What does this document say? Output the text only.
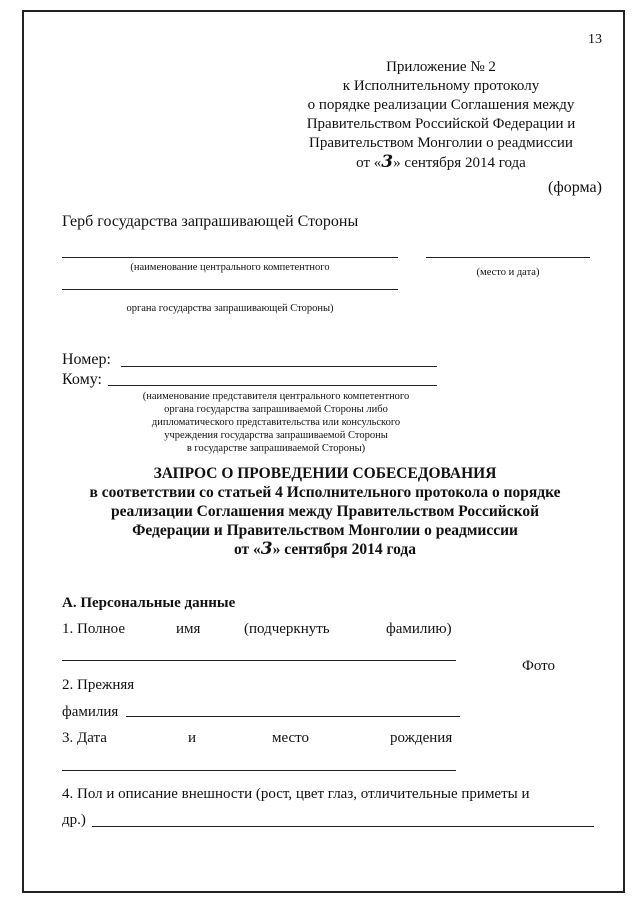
13
Приложение № 2
к Исполнительному протоколу
о порядке реализации Соглашения между
Правительством Российской Федерации и
Правительством Монголии о реадмиссии
от «3» сентября 2014 года
(форма)
Герб государства запрашивающей Стороны
(наименование центрального компетентного	(место и дата)
органа государства запрашивающей Стороны)
Номер:
Кому:
(наименование представителя центрального компетентного
органа государства запрашиваемой Стороны либо
дипломатического представительства или консульского
учреждения государства запрашиваемой Стороны
в государстве запрашиваемой Стороны)
ЗАПРОС О ПРОВЕДЕНИИ СОБЕСЕДОВАНИЯ
в соответствии со статьей 4 Исполнительного протокола о порядке
реализации Соглашения между Правительством Российской
Федерации и Правительством Монголии о реадмиссии
от «3» сентября 2014 года
А. Персональные данные
1. Полное	имя	(подчеркнуть	фамилию)
Фото
2. Прежняя
фамилия
3. Дата	и	место	рождения
4. Пол и описание внешности (рост, цвет глаз, отличительные приметы и
др.)
